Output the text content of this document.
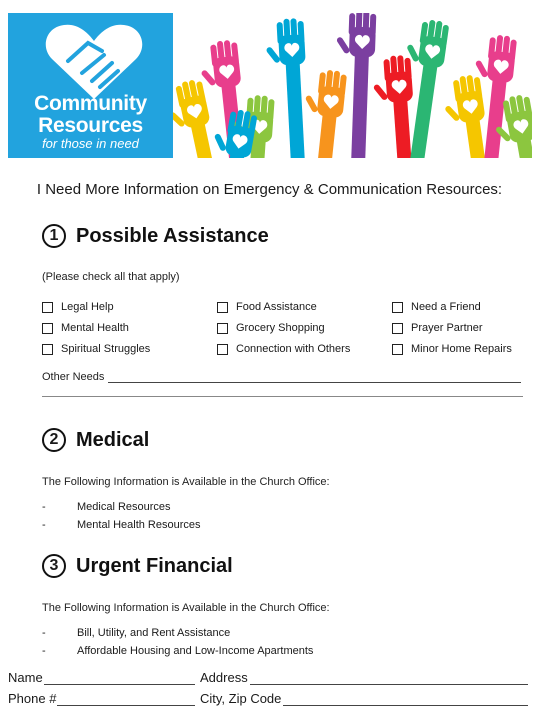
Community
Resources
for those in need
I Need More Information on Emergency & Communication Resources:
1 Possible Assistance
(Please check all that apply)
Legal Help	Food Assistance	Need a Friend
Mental Health	Grocery Shopping	Prayer Partner
Spiritual Struggles	Connection with Others	Minor Home Repairs
Other Needs
2 Medical
The Following Information is Available in the Church Office:
-	Medical Resources
-	Mental Health Resources
3 Urgent Financial
The Following Information is Available in the Church Office:
-	Bill, Utility, and Rent Assistance
-	Affordable Housing and Low-Income Apartments
Name	Address
Phone #	City, Zip Code
